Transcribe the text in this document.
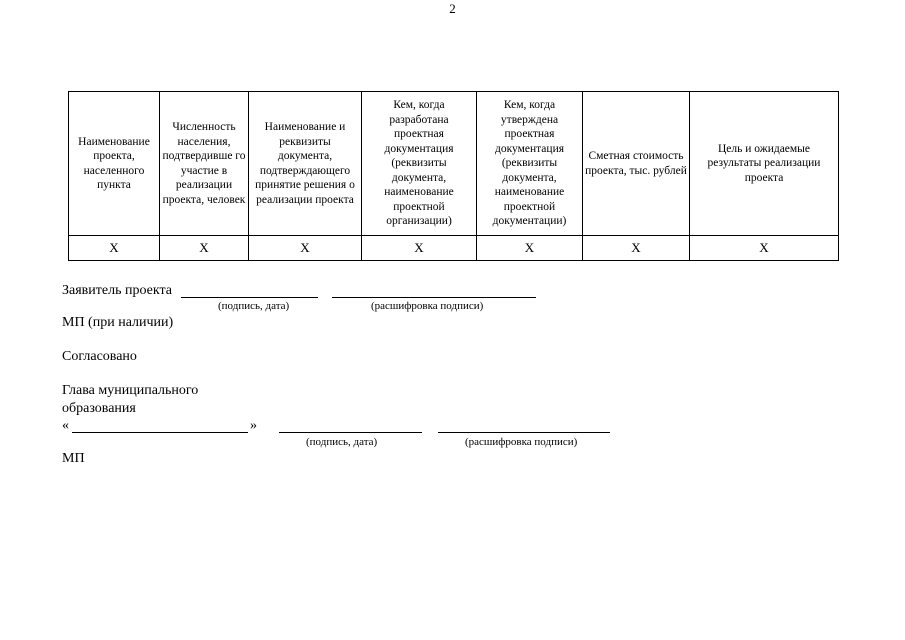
2
Наименование проекта, населенного пункта	Численность населения, подтвердивше го участие в реализации проекта, человек	Наименование и реквизиты документа, подтверждающего принятие решения о реализации проекта	Кем, когда разработана проектная документация (реквизиты документа, наименование проектной организации)	Кем, когда утверждена проектная документация (реквизиты документа, наименование проектной документации)	Сметная стоимость проекта, тыс. рублей	Цель и ожидаемые результаты реализации проекта
Х	Х	Х	Х	Х	Х	Х
Заявитель проекта
(подпись, дата)	(расшифровка подписи)
МП (при наличии)
Согласовано
Глава муниципального
образования
«	»
(подпись, дата)	(расшифровка подписи)
МП
